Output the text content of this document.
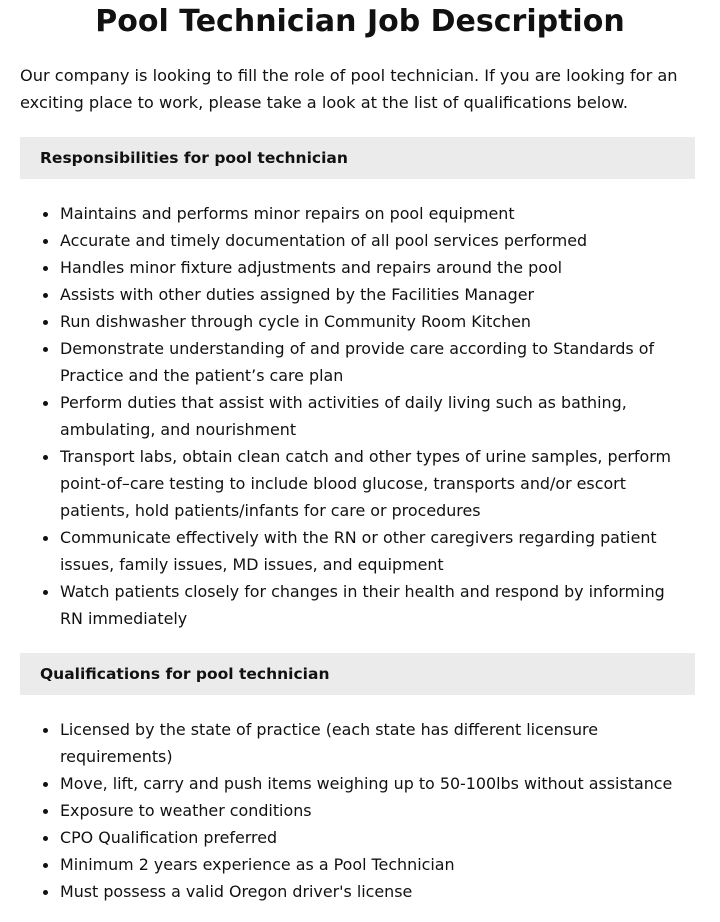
Pool Technician Job Description

Our company is looking to fill the role of pool technician. If you are looking for an exciting place to work, please take a look at the list of qualifications below.

Responsibilities for pool technician
Maintains and performs minor repairs on pool equipment
Accurate and timely documentation of all pool services performed
Handles minor fixture adjustments and repairs around the pool
Assists with other duties assigned by the Facilities Manager
Run dishwasher through cycle in Community Room Kitchen
Demonstrate understanding of and provide care according to Standards of Practice and the patient’s care plan
Perform duties that assist with activities of daily living such as bathing, ambulating, and nourishment
Transport labs, obtain clean catch and other types of urine samples, perform point-of–care testing to include blood glucose, transports and/or escort patients, hold patients/infants for care or procedures
Communicate effectively with the RN or other caregivers regarding patient issues, family issues, MD issues, and equipment
Watch patients closely for changes in their health and respond by informing RN immediately
Qualifications for pool technician
Licensed by the state of practice (each state has different licensure requirements)
Move, lift, carry and push items weighing up to 50-100lbs without assistance
Exposure to weather conditions
CPO Qualification preferred
Minimum 2 years experience as a Pool Technician
Must possess a valid Oregon driver's license
